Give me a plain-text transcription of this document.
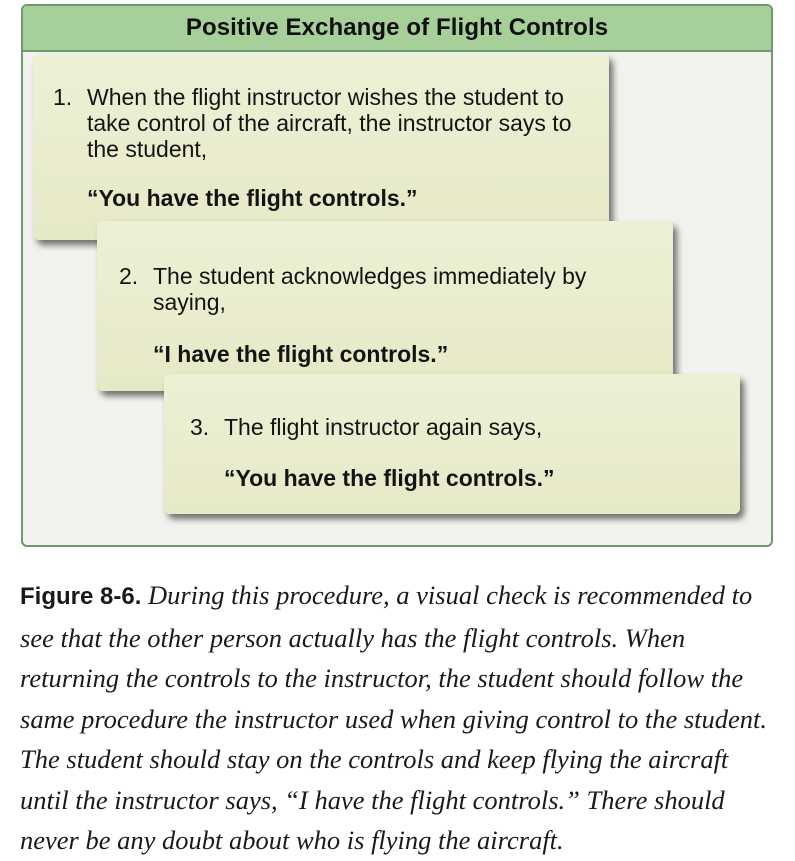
Positive Exchange of Flight Controls
1. When the flight instructor wishes the student to take control of the aircraft, the instructor says to the student,
“You have the flight controls.”
2. The student acknowledges immediately by saying,
“I have the flight controls.”
3. The flight instructor again says,
“You have the flight controls.”
Figure 8-6. During this procedure, a visual check is recommended to see that the other person actually has the flight controls. When returning the controls to the instructor, the student should follow the same procedure the instructor used when giving control to the student. The student should stay on the controls and keep flying the aircraft until the instructor says, “I have the flight controls.” There should never be any doubt about who is flying the aircraft.
